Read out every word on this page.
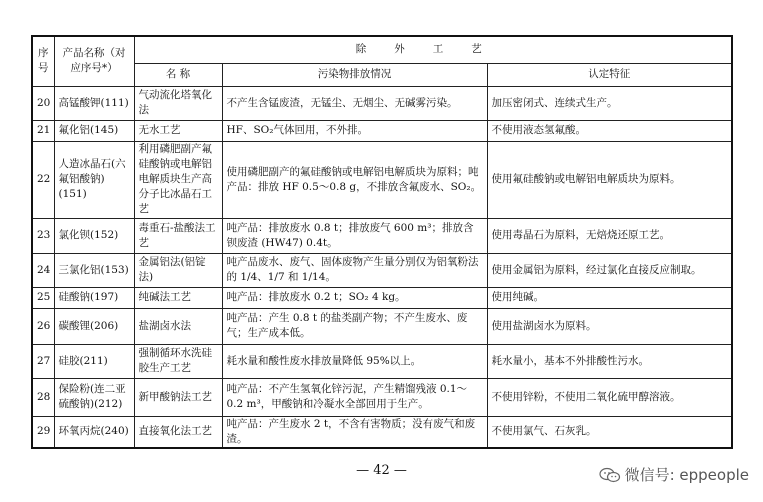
序号	产品名称（对应序号*）	除外工艺		
		名 称	污染物排放情况	认定特征
20	高锰酸钾(111)	气动流化塔氧化法	不产生含锰废渣，无锰尘、无烟尘、无碱雾污染。	加压密闭式、连续式生产。
21	氟化铝(145)	无水工艺	HF、SO₂气体回用，不外排。	不使用液态氢氟酸。
22	人造冰晶石(六氟铝酸钠)(151)	利用磷肥副产氟硅酸钠或电解铝电解质块生产高分子比冰晶石工艺	使用磷肥副产的氟硅酸钠或电解铝电解质块为原料；吨产品：排放 HF 0.5～0.8 g，不排放含氟废水、SO₂。	使用氟硅酸钠或电解铝电解质块为原料。
23	氯化钡(152)	毒重石-盐酸法工艺	吨产品：排放废水 0.8 t；排放废气 600 m³；排放含钡废渣 (HW47) 0.4t。	使用毒晶石为原料，无焙烧还原工艺。
24	三氯化铝(153)	金属铝法(铝锭法)	吨产品废水、废气、固体废物产生量分别仅为铝氧粉法的 1/4、1/7 和 1/14。	使用金属铝为原料，经过氯化直接反应制取。
25	硅酸钠(197)	纯碱法工艺	吨产品：排放废水 0.2 t；SO₂ 4 kg。	使用纯碱。
26	碳酸锂(206)	盐湖卤水法	吨产品：产生 0.8 t 的盐类副产物；不产生废水、废气；生产成本低。	使用盐湖卤水为原料。
27	硅胶(211)	强制循环水洗硅胶生产工艺	耗水量和酸性废水排放量降低 95%以上。	耗水量小，基本不外排酸性污水。
28	保险粉(连二亚硫酸钠)(212)	新甲酸钠法工艺	吨产品：不产生氢氧化锌污泥，产生精馏残液 0.1～0.2 m³，甲酸钠和冷凝水全部回用于生产。	不使用锌粉，不使用二氧化硫甲醇溶液。
29	环氧丙烷(240)	直接氧化法工艺	吨产品：产生废水 2 t，不含有害物质；没有废气和废渣。	不使用氯气、石灰乳。
— 42 —	微信号: eppeople
